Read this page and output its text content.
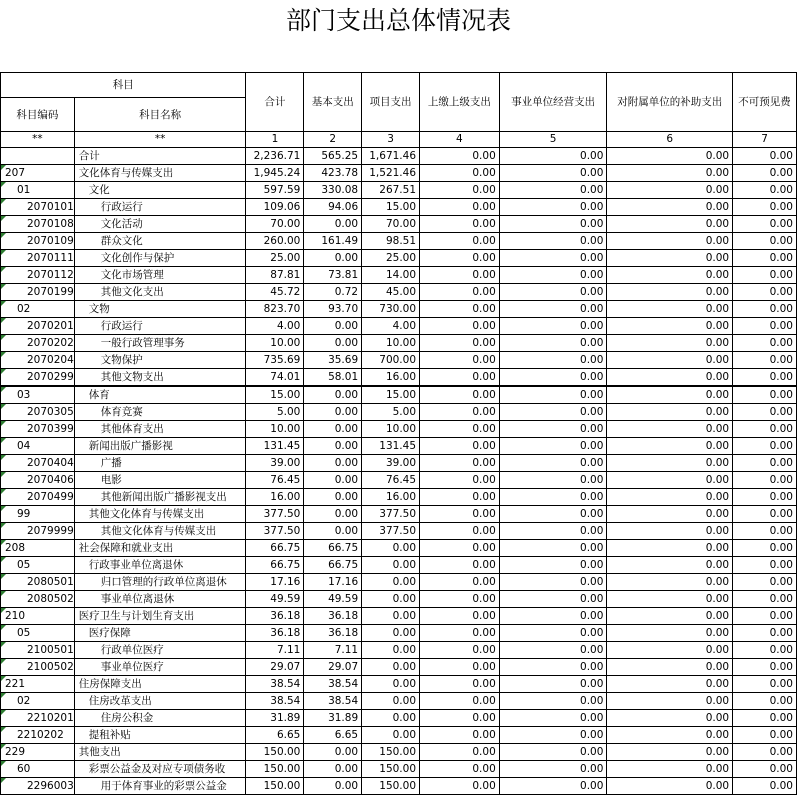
部门支出总体情况表
科目		合计	基本支出	项目支出	上缴上级支出	事业单位经营支出	对附属单位的补助支出	不可预见费
科目编码	科目名称							
**	**	1	2	3	4	5	6	7
	合计	2,236.71	565.25	1,671.46	0.00	0.00	0.00	0.00

207	文化体育与传媒支出	1,945.24	423.78	1,521.46	0.00	0.00	0.00	0.00

01	文化	597.59	330.08	267.51	0.00	0.00	0.00	0.00

2070101	行政运行	109.06	94.06	15.00	0.00	0.00	0.00	0.00

2070108	文化活动	70.00	0.00	70.00	0.00	0.00	0.00	0.00

2070109	群众文化	260.00	161.49	98.51	0.00	0.00	0.00	0.00

2070111	文化创作与保护	25.00	0.00	25.00	0.00	0.00	0.00	0.00

2070112	文化市场管理	87.81	73.81	14.00	0.00	0.00	0.00	0.00

2070199	其他文化支出	45.72	0.72	45.00	0.00	0.00	0.00	0.00

02	文物	823.70	93.70	730.00	0.00	0.00	0.00	0.00

2070201	行政运行	4.00	0.00	4.00	0.00	0.00	0.00	0.00

2070202	一般行政管理事务	10.00	0.00	10.00	0.00	0.00	0.00	0.00

2070204	文物保护	735.69	35.69	700.00	0.00	0.00	0.00	0.00

2070299	其他文物支出	74.01	58.01	16.00	0.00	0.00	0.00	0.00

03	体育	15.00	0.00	15.00	0.00	0.00	0.00	0.00

2070305	体育竞赛	5.00	0.00	5.00	0.00	0.00	0.00	0.00

2070399	其他体育支出	10.00	0.00	10.00	0.00	0.00	0.00	0.00

04	新闻出版广播影视	131.45	0.00	131.45	0.00	0.00	0.00	0.00

2070404	广播	39.00	0.00	39.00	0.00	0.00	0.00	0.00

2070406	电影	76.45	0.00	76.45	0.00	0.00	0.00	0.00

2070499	其他新闻出版广播影视支出	16.00	0.00	16.00	0.00	0.00	0.00	0.00

99	其他文化体育与传媒支出	377.50	0.00	377.50	0.00	0.00	0.00	0.00

2079999	其他文化体育与传媒支出	377.50	0.00	377.50	0.00	0.00	0.00	0.00

208	社会保障和就业支出	66.75	66.75	0.00	0.00	0.00	0.00	0.00

05	行政事业单位离退休	66.75	66.75	0.00	0.00	0.00	0.00	0.00

2080501	归口管理的行政单位离退休	17.16	17.16	0.00	0.00	0.00	0.00	0.00

2080502	事业单位离退休	49.59	49.59	0.00	0.00	0.00	0.00	0.00

210	医疗卫生与计划生育支出	36.18	36.18	0.00	0.00	0.00	0.00	0.00

05	医疗保障	36.18	36.18	0.00	0.00	0.00	0.00	0.00

2100501	行政单位医疗	7.11	7.11	0.00	0.00	0.00	0.00	0.00

2100502	事业单位医疗	29.07	29.07	0.00	0.00	0.00	0.00	0.00

221	住房保障支出	38.54	38.54	0.00	0.00	0.00	0.00	0.00

02	住房改革支出	38.54	38.54	0.00	0.00	0.00	0.00	0.00

2210201	住房公积金	31.89	31.89	0.00	0.00	0.00	0.00	0.00

2210202	提租补贴	6.65	6.65	0.00	0.00	0.00	0.00	0.00

229	其他支出	150.00	0.00	150.00	0.00	0.00	0.00	0.00

60	彩票公益金及对应专项债务收	150.00	0.00	150.00	0.00	0.00	0.00	0.00

2296003	用于体育事业的彩票公益金	150.00	0.00	150.00	0.00	0.00	0.00	0.00
